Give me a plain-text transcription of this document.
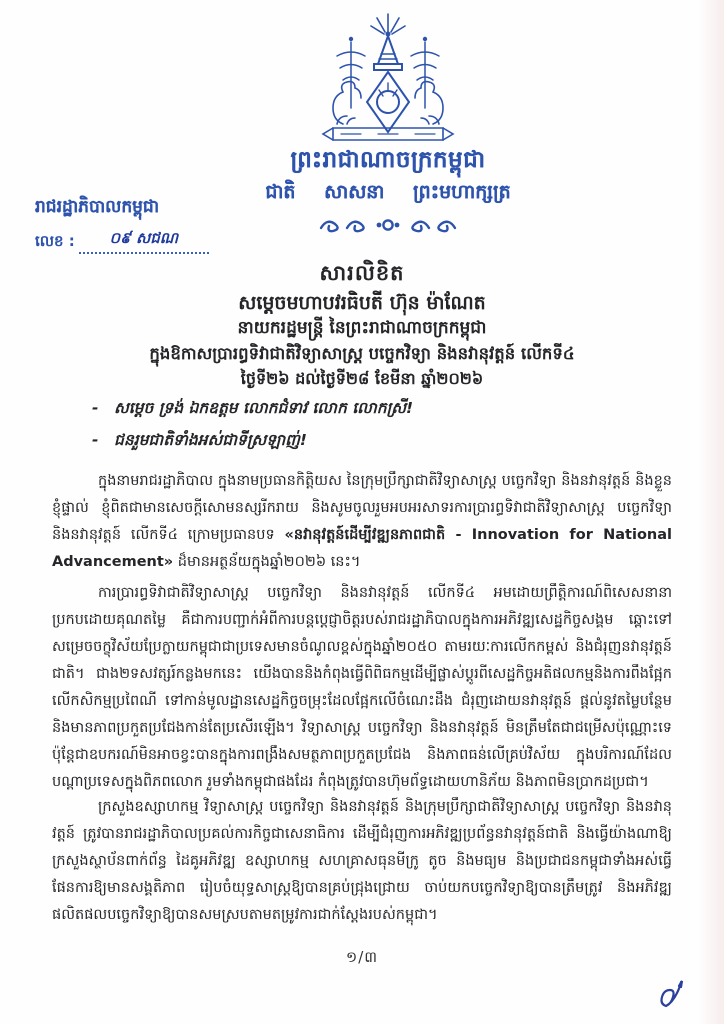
ព្រះរាជាណាចក្រកម្ពុជា
ជាតិ សាសនា ព្រះមហាក្សត្រ
រាជរដ្ឋាភិបាលកម្ពុជា
លេខ :	០៩ សជណ
សារលិខិត
សម្តេចមហាបវរធិបតី ហ៊ុន ម៉ាណែត
នាយករដ្ឋមន្ត្រី នៃព្រះរាជាណាចក្រកម្ពុជា
ក្នុងឱកាសប្រារព្ធទិវាជាតិវិទ្យាសាស្ត្រ បច្ចេកវិទ្យា និងនវានុវត្តន៍ លើកទី៤
ថ្ងៃទី២៦ ដល់ថ្ងៃទី២៨ ខែមីនា ឆ្នាំ២០២៦
-	សម្តេច ទ្រង់ ឯកឧត្តម លោកជំទាវ លោក លោកស្រី!
-	ជនរួមជាតិទាំងអស់ជាទីស្រឡាញ់!
ក្នុងនាមរាជរដ្ឋាភិបាល ក្នុងនាមប្រធានកិត្តិយស នៃក្រុមប្រឹក្សាជាតិវិទ្យាសាស្ត្រ បច្ចេកវិទ្យា និងនវានុវត្តន៍ និងខ្លួនខ្ញុំផ្ទាល់ ខ្ញុំពិតជាមានសេចក្តីសោមនស្សរីករាយ និងសូមចូលរួមអបអរសាទរការប្រារព្ធទិវាជាតិវិទ្យាសាស្ត្រ បច្ចេកវិទ្យា និងនវានុវត្តន៍ លើកទី៤ ក្រោមប្រធានបទ «នវានុវត្តន៍ដើម្បីវឌ្ឍនភាពជាតិ - Innovation for National Advancement» ដ៏មានអត្ថន័យក្នុងឆ្នាំ២០២៦ នេះ។
ការប្រារព្ធទិវាជាតិវិទ្យាសាស្ត្រ បច្ចេកវិទ្យា និងនវានុវត្តន៍ លើកទី៤ អមដោយព្រឹត្តិការណ៍ពិសេសនានា ប្រកបដោយគុណតម្លៃ គឺជាការបញ្ជាក់អំពីការបន្តប្តេជ្ញាចិត្តរបស់រាជរដ្ឋាភិបាលក្នុងការអភិវឌ្ឍសេដ្ឋកិច្ចសង្គម ឆ្ពោះទៅសម្រេចចក្ខុវិស័យប្រែក្លាយកម្ពុជាជាប្រទេសមានចំណូលខ្ពស់ក្នុងឆ្នាំ២០៥០ តាមរយៈការលើកកម្ពស់ និងជំរុញនវានុវត្តន៍ជាតិ។ ជាង២ទសវត្សរ៍កន្លងមកនេះ យើងបាននិងកំពុងធ្វើពិពិធកម្មដើម្បីផ្លាស់ប្តូរពីសេដ្ឋកិច្ចអតិផលកម្មនិងការពឹងផ្អែកលើកសិកម្មប្រពៃណី ទៅកាន់មូលដ្ឋានសេដ្ឋកិច្ចចម្រុះដែលផ្អែកលើចំណេះដឹង ជំរុញដោយនវានុវត្តន៍ ផ្តល់នូវតម្លៃបន្ថែម និងមានភាពប្រកួតប្រជែងកាន់តែប្រសើរឡើង។ វិទ្យាសាស្ត្រ បច្ចេកវិទ្យា និងនវានុវត្តន៍ មិនត្រឹមតែជាជម្រើសប៉ុណ្ណោះទេ ប៉ុន្តែជាឧបករណ៍មិនអាចខ្វះបានក្នុងការពង្រឹងសមត្ថភាពប្រកួតប្រជែង និងភាពធន់លើគ្រប់វិស័យ ក្នុងបរិការណ៍ដែលបណ្តាប្រទេសក្នុងពិភពលោក រួមទាំងកម្ពុជាផងដែរ កំពុងត្រូវបានហ៊ុមព័ទ្ធដោយហានិភ័យ និងភាពមិនប្រាកដប្រជា។
ក្រសួងឧស្សាហកម្ម វិទ្យាសាស្ត្រ បច្ចេកវិទ្យា និងនវានុវត្តន៍ និងក្រុមប្រឹក្សាជាតិវិទ្យាសាស្ត្រ បច្ចេកវិទ្យា និងនវានុវត្តន៍ ត្រូវបានរាជរដ្ឋាភិបាលប្រគល់ការកិច្ចជាសេនាធិការ ដើម្បីជំរុញការអភិវឌ្ឍប្រព័ន្ធនវានុវត្តន៍ជាតិ និងធ្វើយ៉ាងណាឱ្យក្រសួងស្ថាប័នពាក់ព័ន្ធ ដៃគូអភិវឌ្ឍ ឧស្សាហកម្ម សហគ្រាសធុនមីក្រូ តូច និងមធ្យម និងប្រជាជនកម្ពុជាទាំងអស់ធ្វើផែនការឱ្យមានសង្គតិភាព រៀបចំយុទ្ធសាស្ត្រឱ្យបានគ្រប់ជ្រុងជ្រោយ ចាប់យកបច្ចេកវិទ្យាឱ្យបានត្រឹមត្រូវ និងអភិវឌ្ឍផលិតផលបច្ចេកវិទ្យាឱ្យបានសមស្របតាមតម្រូវការជាក់ស្តែងរបស់កម្ពុជា។
១/៣
